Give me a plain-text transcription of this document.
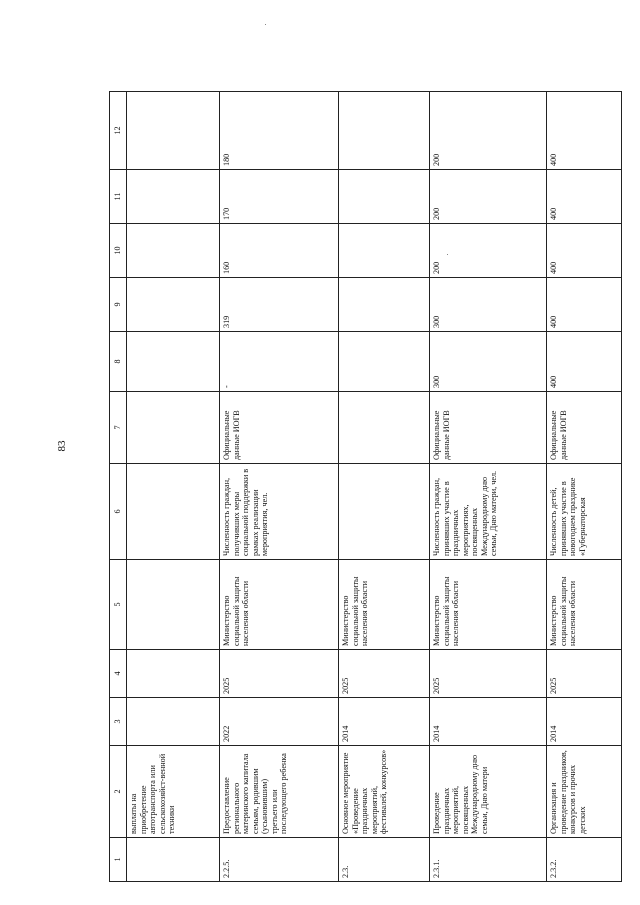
83
1	2	3	4	5	6	7	8	9	10	11	12
	выплаты на приобретение автотранспорта или сельскохозяйст-венной техники										
2.2.5.	Предоставление регионального материнского капитала семьям, родившим (усыновившим) третьего или последующего ребенка	2022	2025	Министерство социальной защиты населения области	Численность граждан, получивших меры социальной поддержки в рамках реализации мероприятия, чел.	Официальные данные ИОГВ	-	319	160	170	180
2.3.	Основное мероприятие «Проведение праздничных мероприятий, фестивалей, конкурсов»	2014	2025	Министерство социальной защиты населения области							
2.3.1.	Проведение праздничных мероприятий, посвященных Международному дню семьи, Дню матери	2014	2025	Министерство социальной защиты населения области	Численность граждан, принявших участие в праздничных мероприятиях, посвященных Международному дню семьи, Дню матери, чел.	Официальные данные ИОГВ	300	300	200	200	200
2.3.2.	Организация и проведение праздников, конкурсов и прочих детских	2014	2025	Министерство социальной защиты населения области	Численность детей, принявших участие в новогоднем празднике «Губернаторская	Официальные данные ИОГВ	400	400	400	400	400
